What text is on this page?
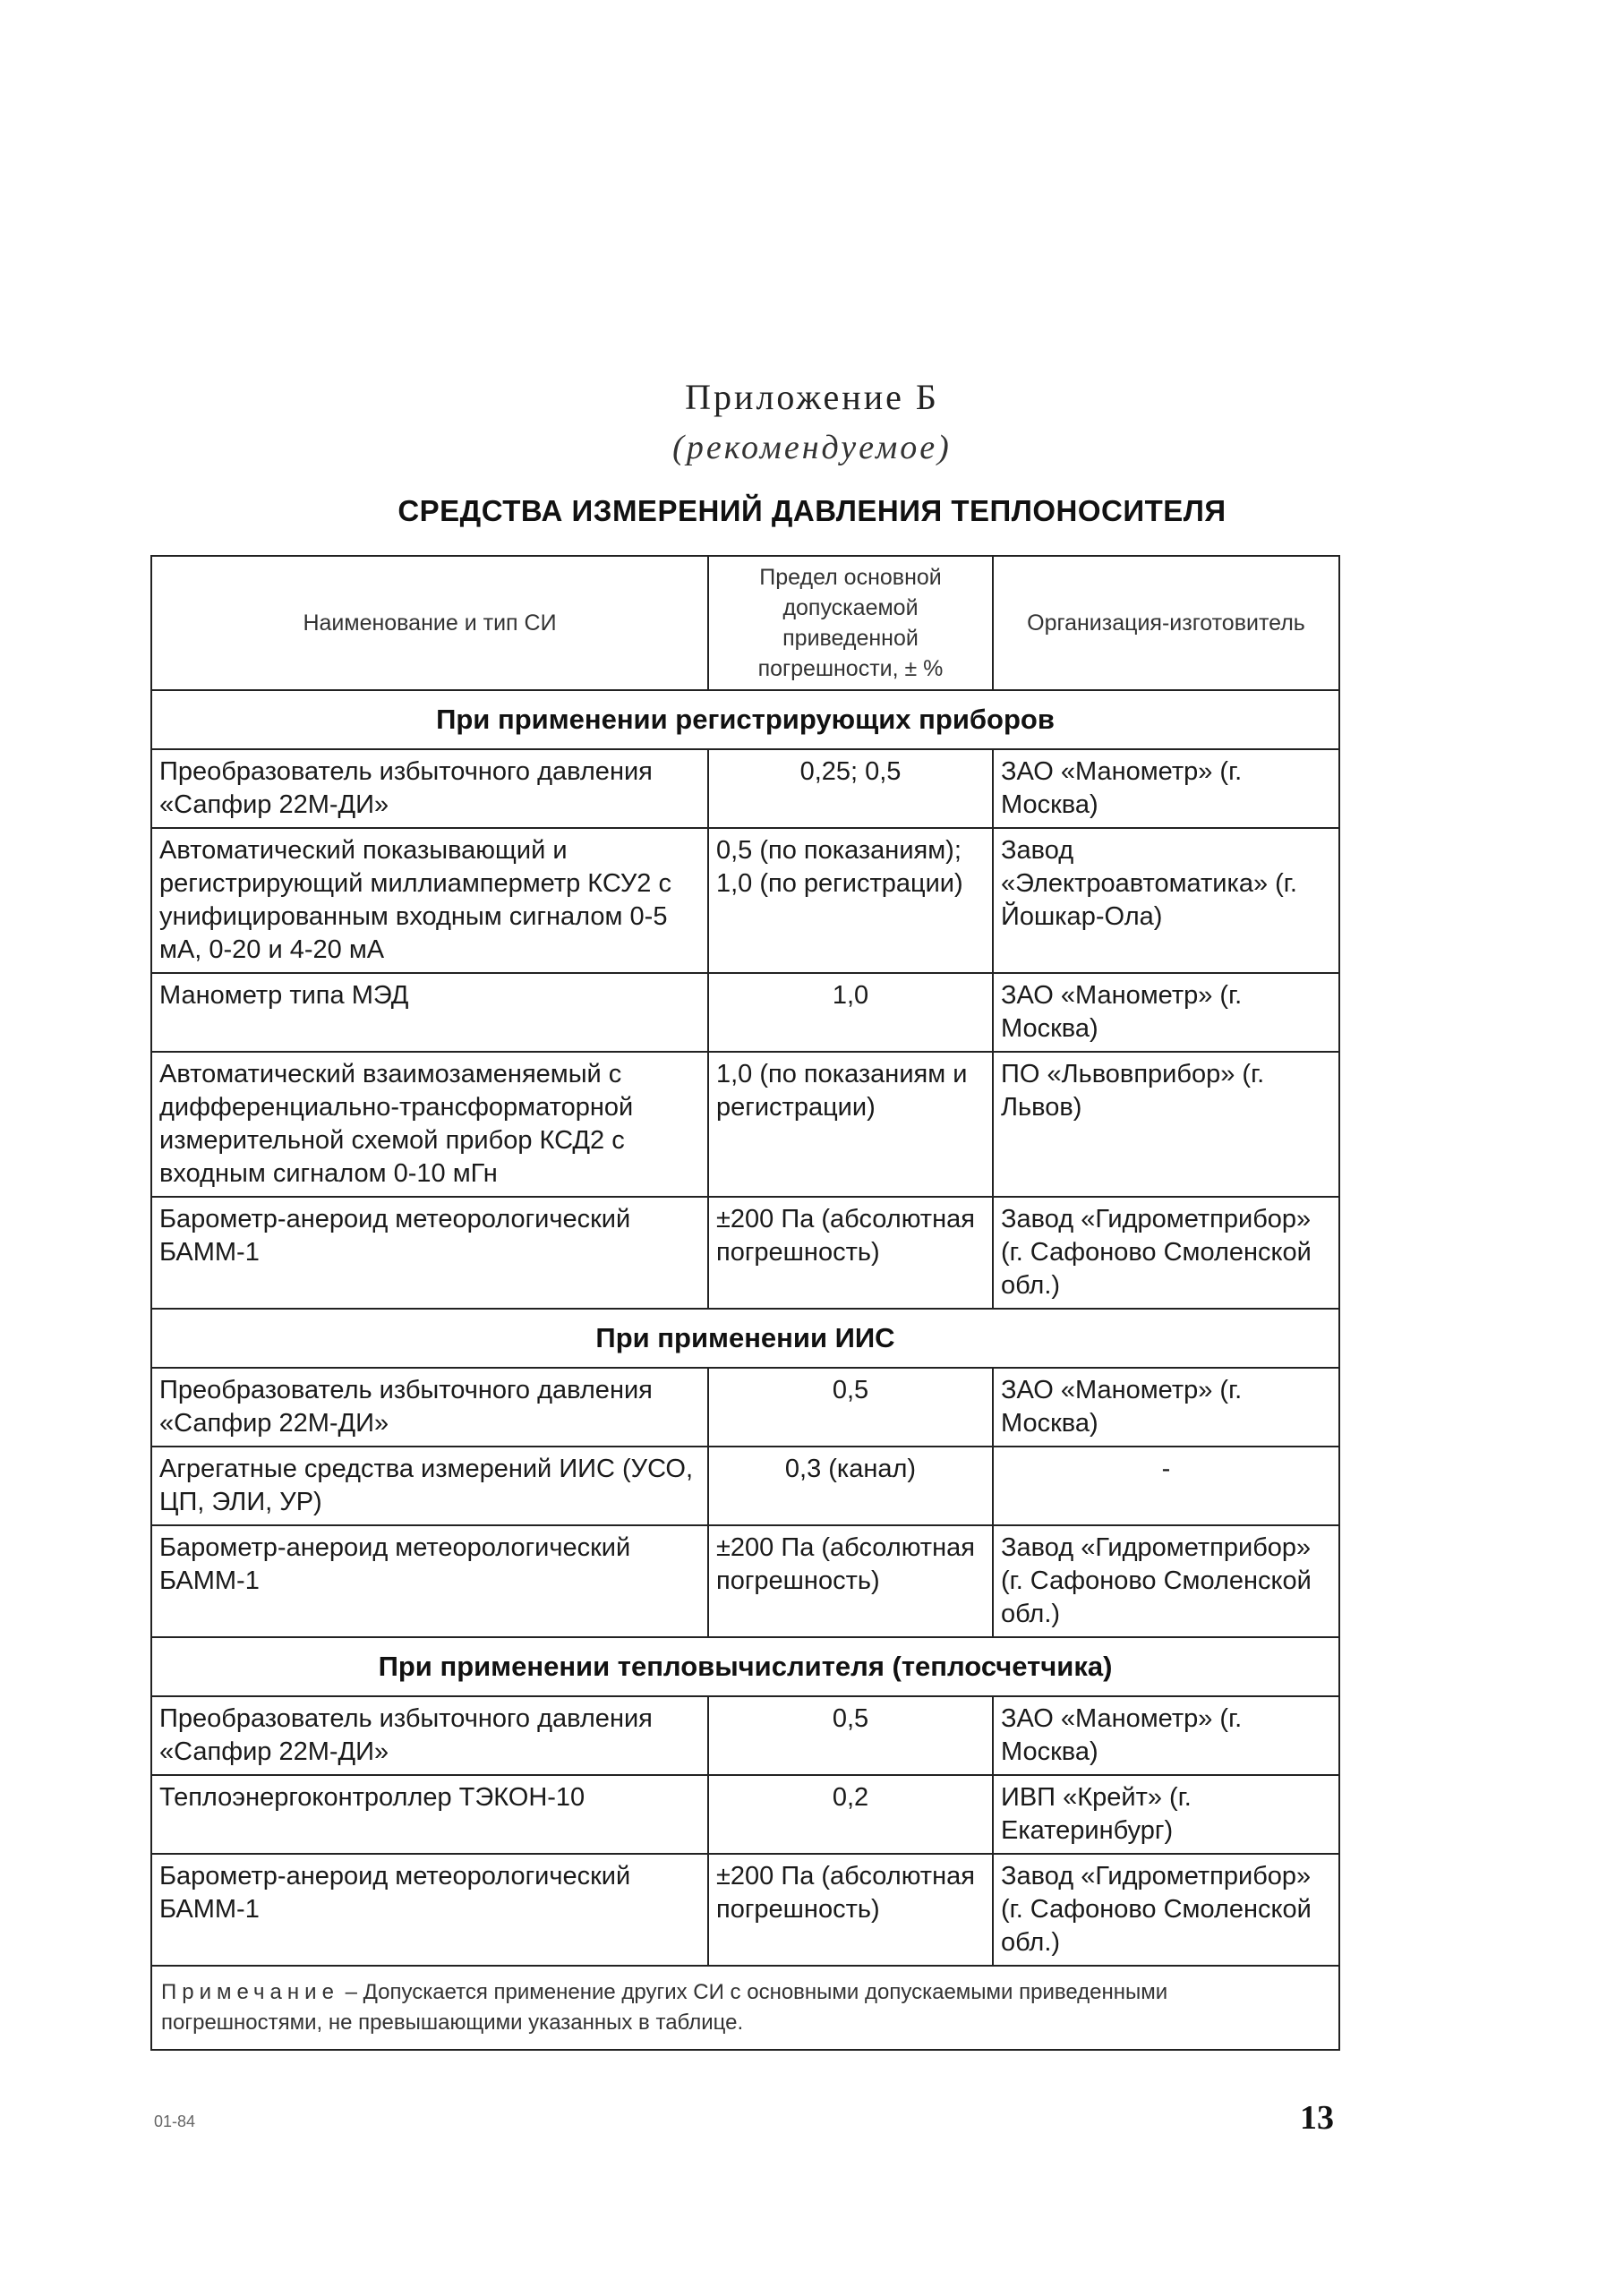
Приложение Б
(рекомендуемое)
СРЕДСТВА ИЗМЕРЕНИЙ ДАВЛЕНИЯ ТЕПЛОНОСИТЕЛЯ
Наименование и тип СИ	Предел основной допускаемой приведенной погрешности, ± %	Организация-изготовитель
При применении регистрирующих приборов		
Преобразователь избыточного давления «Сапфир 22М-ДИ»	0,25; 0,5	ЗАО «Манометр» (г. Москва)
Автоматический показывающий и регистрирующий миллиамперметр КСУ2 с унифицированным входным сигналом 0-5 мА, 0-20 и 4-20 мА	0,5 (по показаниям); 1,0 (по регистрации)	Завод «Электроавтоматика» (г. Йошкар-Ола)
Манометр типа МЭД	1,0	ЗАО «Манометр» (г. Москва)
Автоматический взаимозаменяемый с дифференциально-трансформаторной измерительной схемой прибор КСД2 с входным сигналом 0-10 мГн	1,0 (по показаниям и регистрации)	ПО «Львовприбор» (г. Львов)
Барометр-анероид метеорологический БАММ-1	±200 Па (абсолютная погрешность)	Завод «Гидрометприбор» (г. Сафоново Смоленской обл.)
При применении ИИС		
Преобразователь избыточного давления «Сапфир 22М-ДИ»	0,5	ЗАО «Манометр» (г. Москва)
Агрегатные средства измерений ИИС (УСО, ЦП, ЭЛИ, УР)	0,3 (канал)	-
Барометр-анероид метеорологический БАММ-1	±200 Па (абсолютная погрешность)	Завод «Гидрометприбор» (г. Сафоново Смоленской обл.)
При применении тепловычислителя (теплосчетчика)		
Преобразователь избыточного давления «Сапфир 22М-ДИ»	0,5	ЗАО «Манометр» (г. Москва)
Теплоэнергоконтроллер ТЭКОН-10	0,2	ИВП «Крейт» (г. Екатеринбург)
Барометр-анероид метеорологический БАММ-1	±200 Па (абсолютная погрешность)	Завод «Гидрометприбор» (г. Сафоново Смоленской обл.)
Примечание – Допускается применение других СИ с основными допускаемыми приведенными погрешностями, не превышающими указанных в таблице.		
01-84	13
